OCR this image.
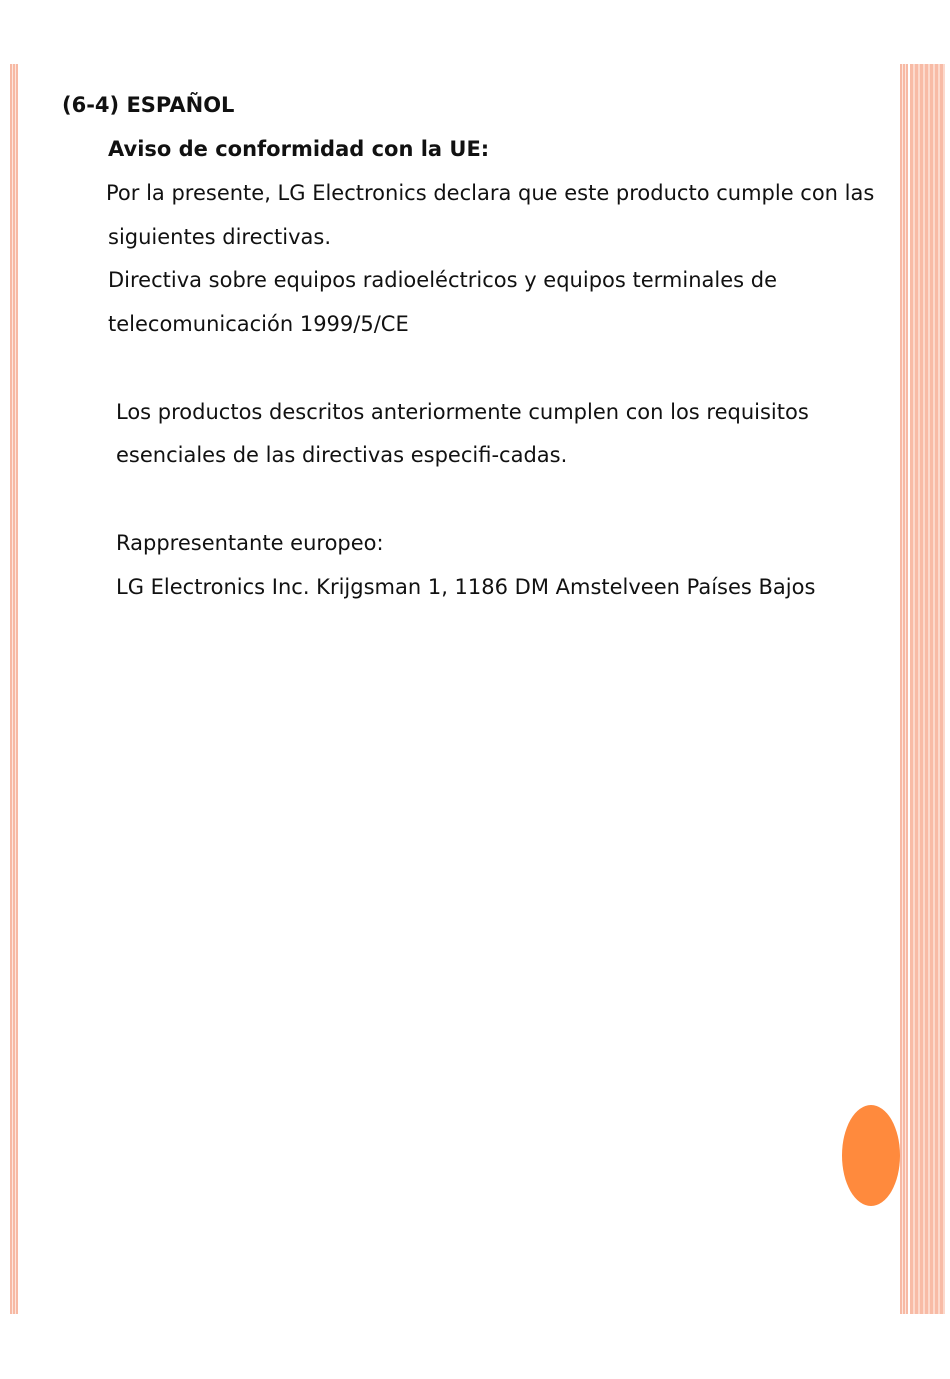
(6-4) ESPAÑOL

Aviso de conformidad con la UE:

Por la presente, LG Electronics declara que este producto cumple con las

siguientes directivas.

Directiva sobre equipos radioeléctricos y equipos terminales de

telecomunicación 1999/5/CE

Los productos descritos anteriormente cumplen con los requisitos

esenciales de las directivas especifi-cadas.

Rappresentante europeo:

LG Electronics Inc. Krijgsman 1, 1186 DM Amstelveen Países Bajos
